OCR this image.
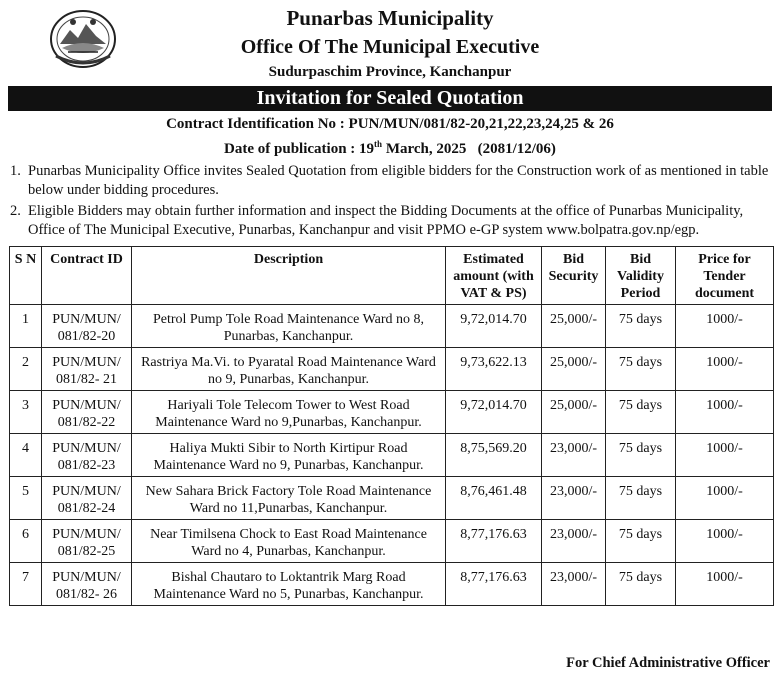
Punarbas Municipality
Office Of The Municipal Executive
Sudurpaschim Province, Kanchanpur
Invitation for Sealed Quotation
Contract Identification No : PUN/MUN/081/82-20,21,22,23,24,25 & 26
Date of publication : 19th March, 2025   (2081/12/06)
1. Punarbas Municipality Office invites Sealed Quotation from eligible bidders for the Construction work of as mentioned in table below under bidding procedures.
2. Eligible Bidders may obtain further information and inspect the Bidding Documents at the office of Punarbas Municipality, Office of The Municipal Executive, Punarbas, Kanchanpur and visit PPMO e-GP system www.bolpatra.gov.np/egp.
S N	Contract ID	Description	Estimated amount (with VAT & PS)	Bid Security	Bid Validity Period	Price for Tender document
1	PUN/MUN/ 081/82-20	Petrol Pump Tole Road Maintenance Ward no 8, Punarbas, Kanchanpur.	9,72,014.70	25,000/-	75 days	1000/-
2	PUN/MUN/ 081/82- 21	Rastriya Ma.Vi. to Pyaratal Road Maintenance Ward no 9, Punarbas, Kanchanpur.	9,73,622.13	25,000/-	75 days	1000/-
3	PUN/MUN/ 081/82-22	Hariyali Tole Telecom Tower to West Road Maintenance Ward no 9,Punarbas, Kanchanpur.	9,72,014.70	25,000/-	75 days	1000/-
4	PUN/MUN/ 081/82-23	Haliya Mukti Sibir to North Kirtipur Road Maintenance Ward no 9, Punarbas, Kanchanpur.	8,75,569.20	23,000/-	75 days	1000/-
5	PUN/MUN/ 081/82-24	New Sahara Brick Factory Tole Road Maintenance Ward no 11,Punarbas, Kanchanpur.	8,76,461.48	23,000/-	75 days	1000/-
6	PUN/MUN/ 081/82-25	Near Timilsena Chock to East Road Maintenance Ward no 4, Punarbas, Kanchanpur.	8,77,176.63	23,000/-	75 days	1000/-
7	PUN/MUN/ 081/82- 26	Bishal Chautaro to Loktantrik Marg Road Maintenance Ward no 5, Punarbas, Kanchanpur.	8,77,176.63	23,000/-	75 days	1000/-
For Chief Administrative Officer
